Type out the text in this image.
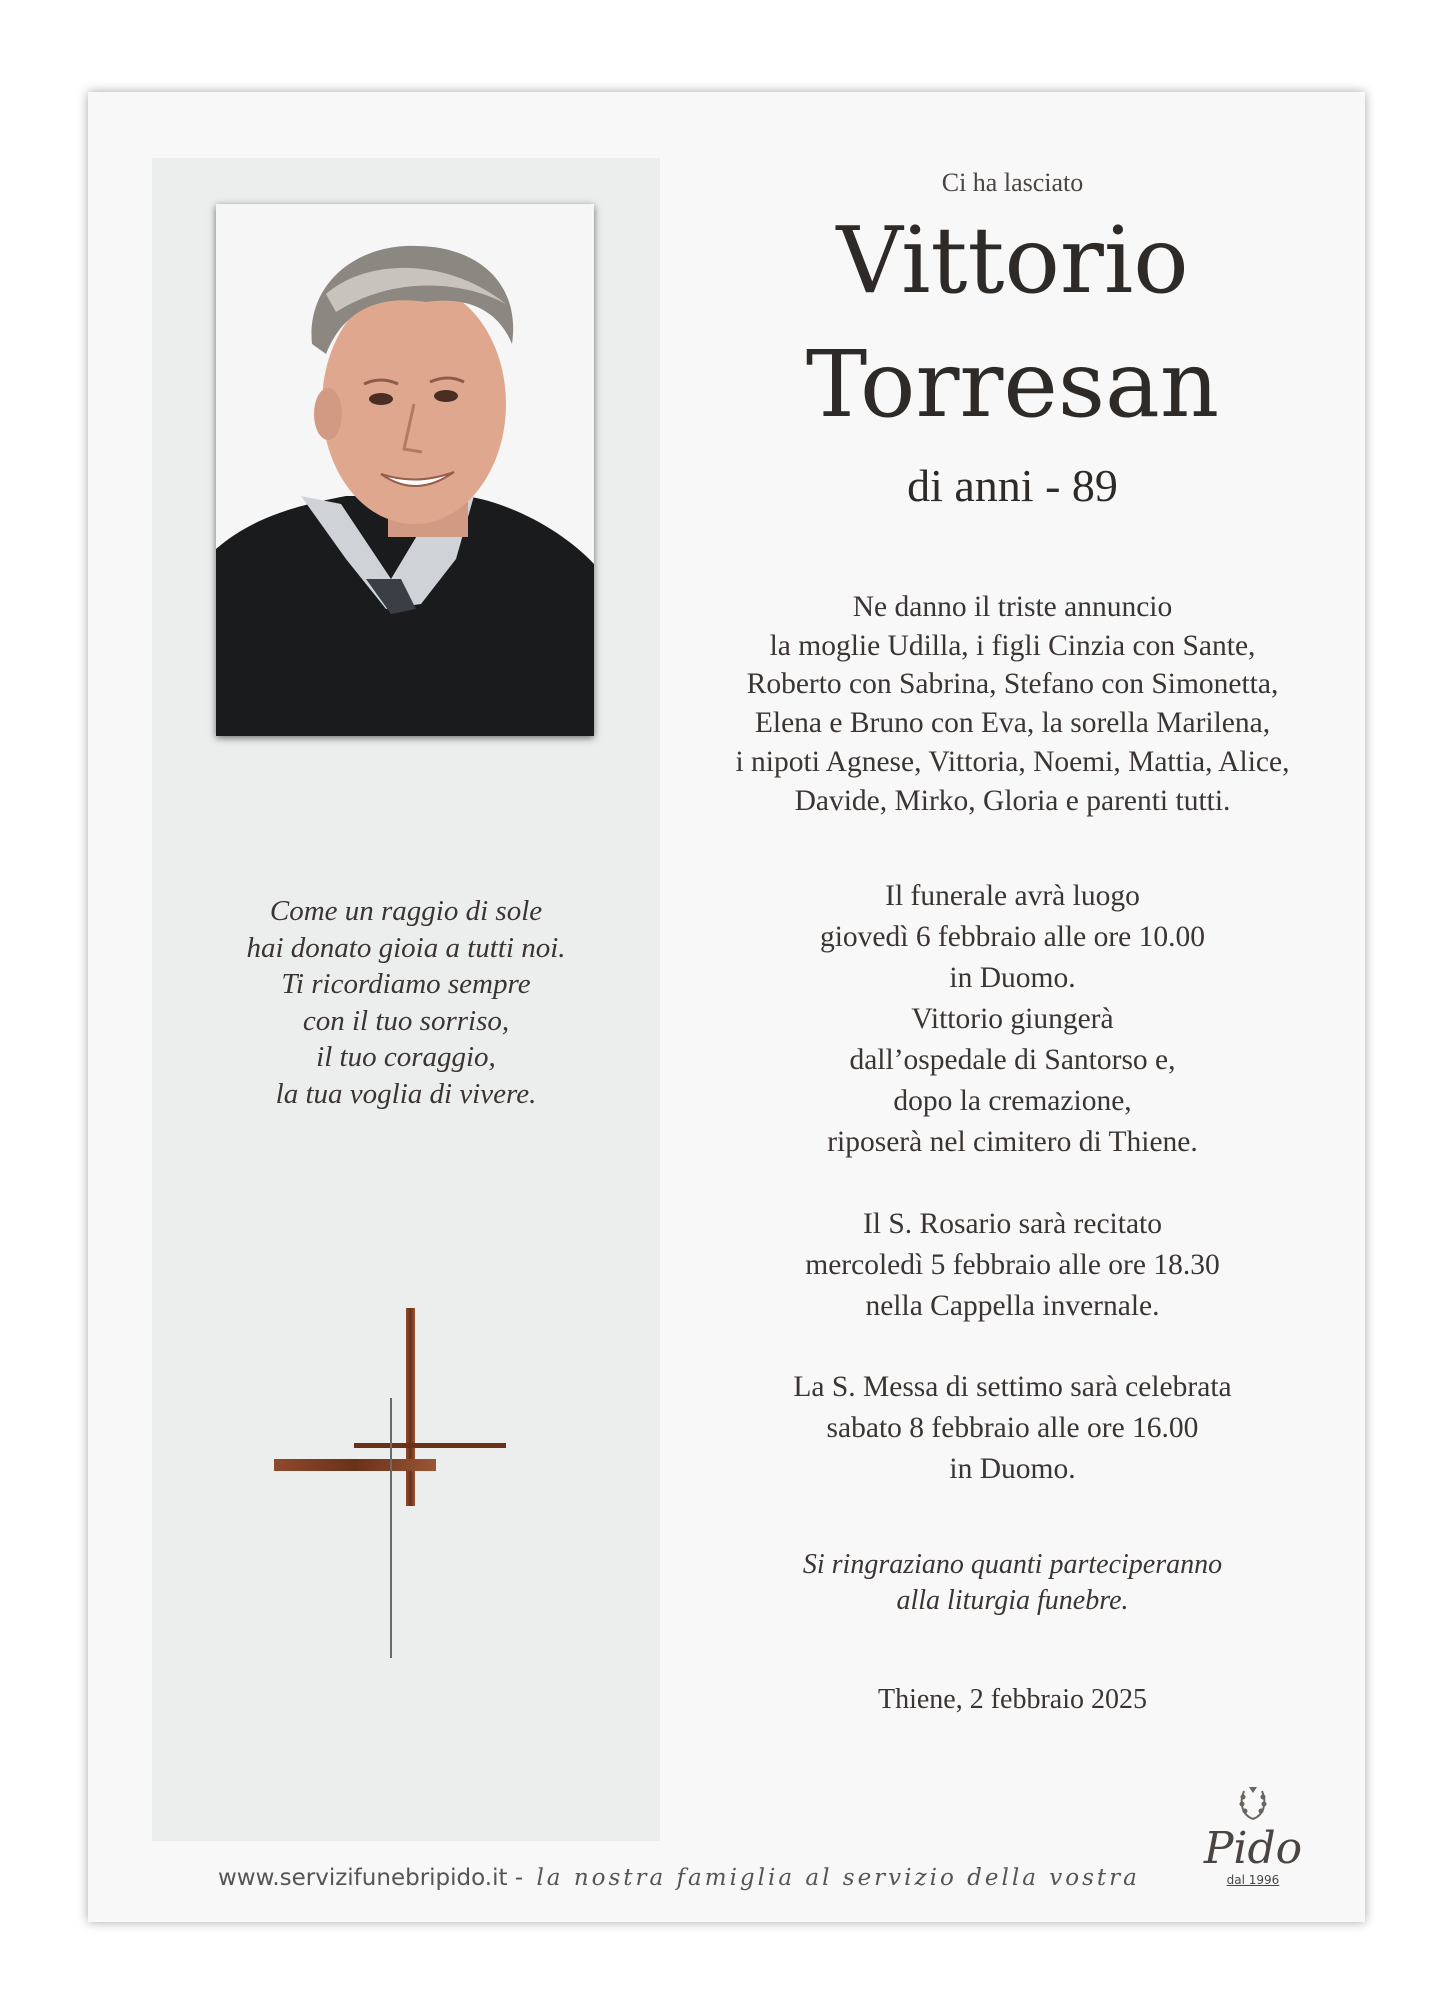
Come un raggio di sole
hai donato gioia a tutti noi.
Ti ricordiamo sempre
con il tuo sorriso,
il tuo coraggio,
la tua voglia di vivere.
Ci ha lasciato
Vittorio
Torresan
di anni - 89
Ne danno il triste annuncio
la moglie Udilla, i figli Cinzia con Sante,
Roberto con Sabrina, Stefano con Simonetta,
Elena e Bruno con Eva, la sorella Marilena,
i nipoti Agnese, Vittoria, Noemi, Mattia, Alice,
Davide, Mirko, Gloria e parenti tutti.
Il funerale avrà luogo
giovedì 6 febbraio alle ore 10.00
in Duomo.
Vittorio giungerà
dall’ospedale di Santorso e,
dopo la cremazione,
riposerà nel cimitero di Thiene.
Il S. Rosario sarà recitato
mercoledì 5 febbraio alle ore 18.30
nella Cappella invernale.
La S. Messa di settimo sarà celebrata
sabato 8 febbraio alle ore 16.00
in Duomo.
Si ringraziano quanti parteciperanno
alla liturgia funebre.
Thiene, 2 febbraio 2025
www.servizifunebripido.it - la nostra famiglia al servizio della vostra
Pido
dal 1996
